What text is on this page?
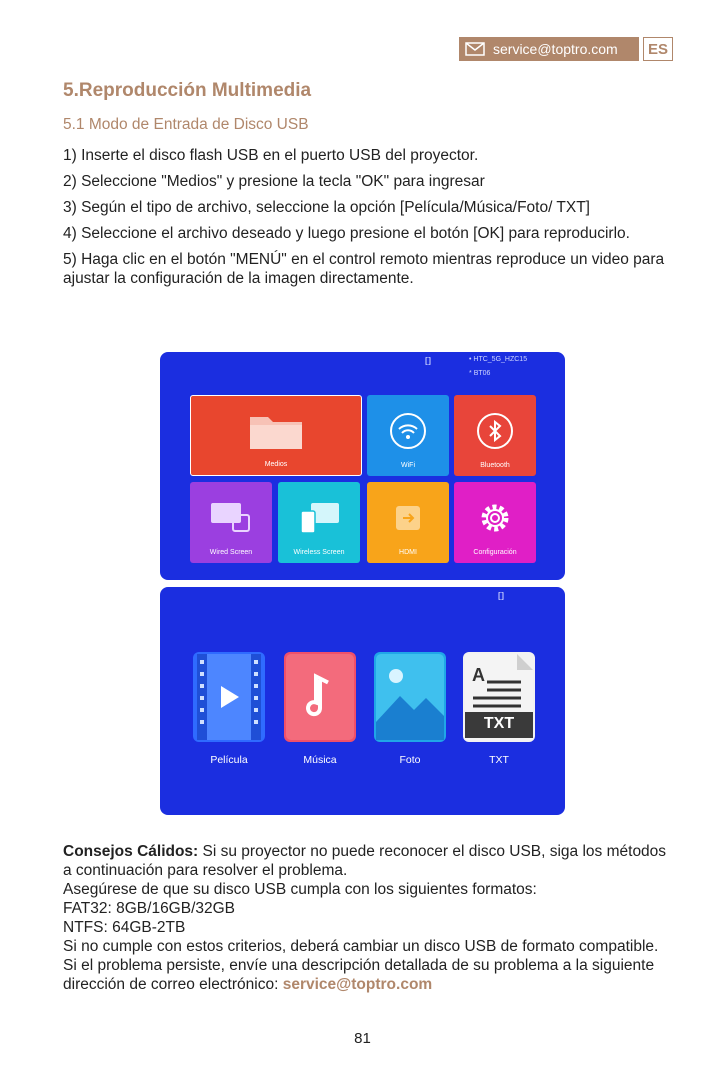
service@toptro.com	ES
5.Reproducción Multimedia
5.1 Modo de Entrada de Disco USB

1) Inserte el disco flash USB en el puerto USB del proyector.

2) Seleccione "Medios" y presione la tecla "OK" para ingresar

3) Según el tipo de archivo, seleccione la opción [Película/Música/Foto/ TXT]

4) Seleccione el archivo deseado y luego presione el botón [OK] para reproducirlo.

5) Haga clic en el botón "MENÚ" en el control remoto mientras reproduce un video para ajustar la configuración de la imagen directamente.

• HTC_5G_HZC15
* BT06
Medios	WiFi	Bluetooth
Wired Screen	Wireless Screen	HDMI	Configuración
Película	Música	Foto
A
TXT
TXT

Consejos Cálidos: Si su proyector no puede reconocer el disco USB, siga los métodos a continuación para resolver el problema.

Asegúrese de que su disco USB cumpla con los siguientes formatos:

FAT32: 8GB/16GB/32GB

NTFS: 64GB-2TB

Si no cumple con estos criterios, deberá cambiar un disco USB de formato compatible.

Si el problema persiste, envíe una descripción detallada de su problema a la siguiente dirección de correo electrónico: service@toptro.com

81
